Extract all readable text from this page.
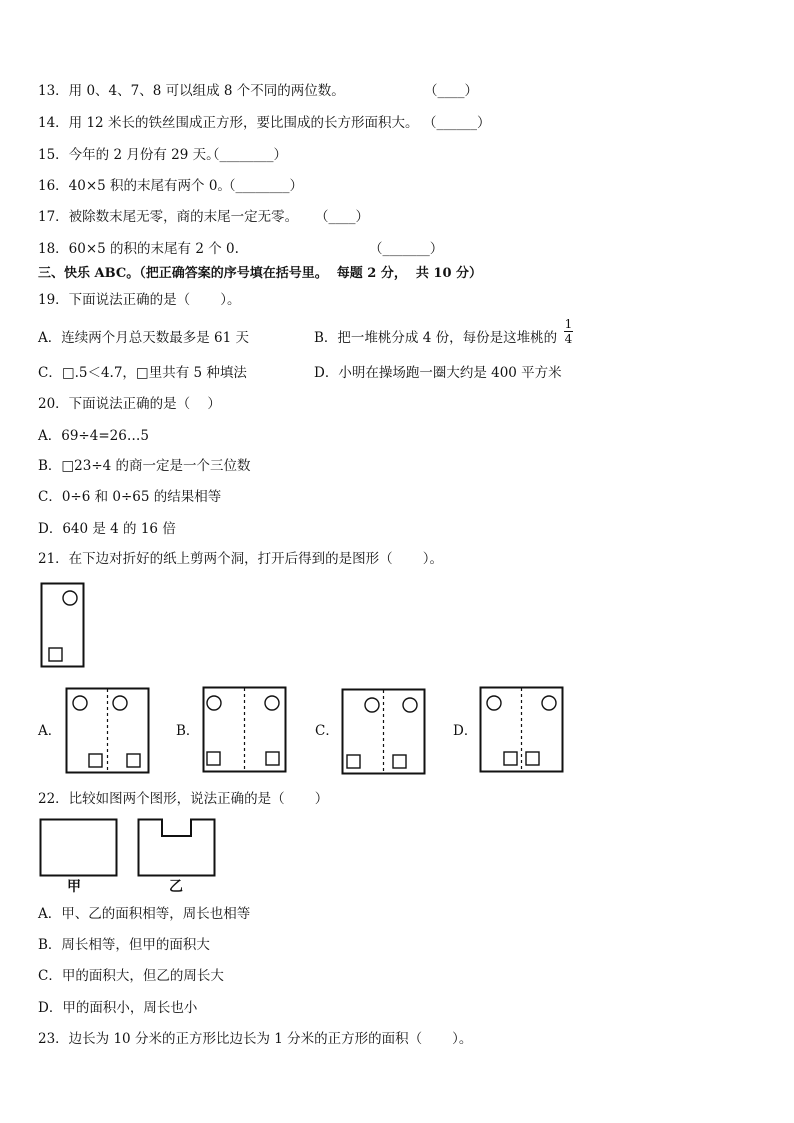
13．用 0、4、7、8 可以组成 8 个不同的两位数。	（____）
14．用 12 米长的铁丝围成正方形，要比围成的长方形面积大。 （______）
15．今年的 2 月份有 29 天。
（________）
16．40×5 积的末尾有两个 0。
（________）
17．被除数末尾无零，商的末尾一定无零。 （____）
18．60×5 的积的末尾有 2 个 0.	（_______）
三、快乐 ABC。（把正确答案的序号填在括号里。  每题 2 分，  共 10 分）
19．下面说法正确的是（       ）。
A．连续两个月总天数最多是 61 天	B．把一堆桃分成 4 份，每份是这堆桃的
1
4
C．□.5＜4.7，□里共有 5 种填法	D．小明在操场跑一圈大约是 400 平方米
20．下面说法正确的是（    ）
A．69÷4=26…5
B．□23÷4 的商一定是一个三位数
C．0÷6 和 0÷65 的结果相等
D．640 是 4 的 16 倍
21．在下边对折好的纸上剪两个洞，打开后得到的是图形（       ）。
A．	B．	C．	D．
22．比较如图两个图形，说法正确的是（       ）
甲	乙
A．甲、乙的面积相等，周长也相等
B．周长相等，但甲的面积大
C．甲的面积大，但乙的周长大
D．甲的面积小，周长也小
23．边长为 10 分米的正方形比边长为 1 分米的正方形的面积（       ）。
